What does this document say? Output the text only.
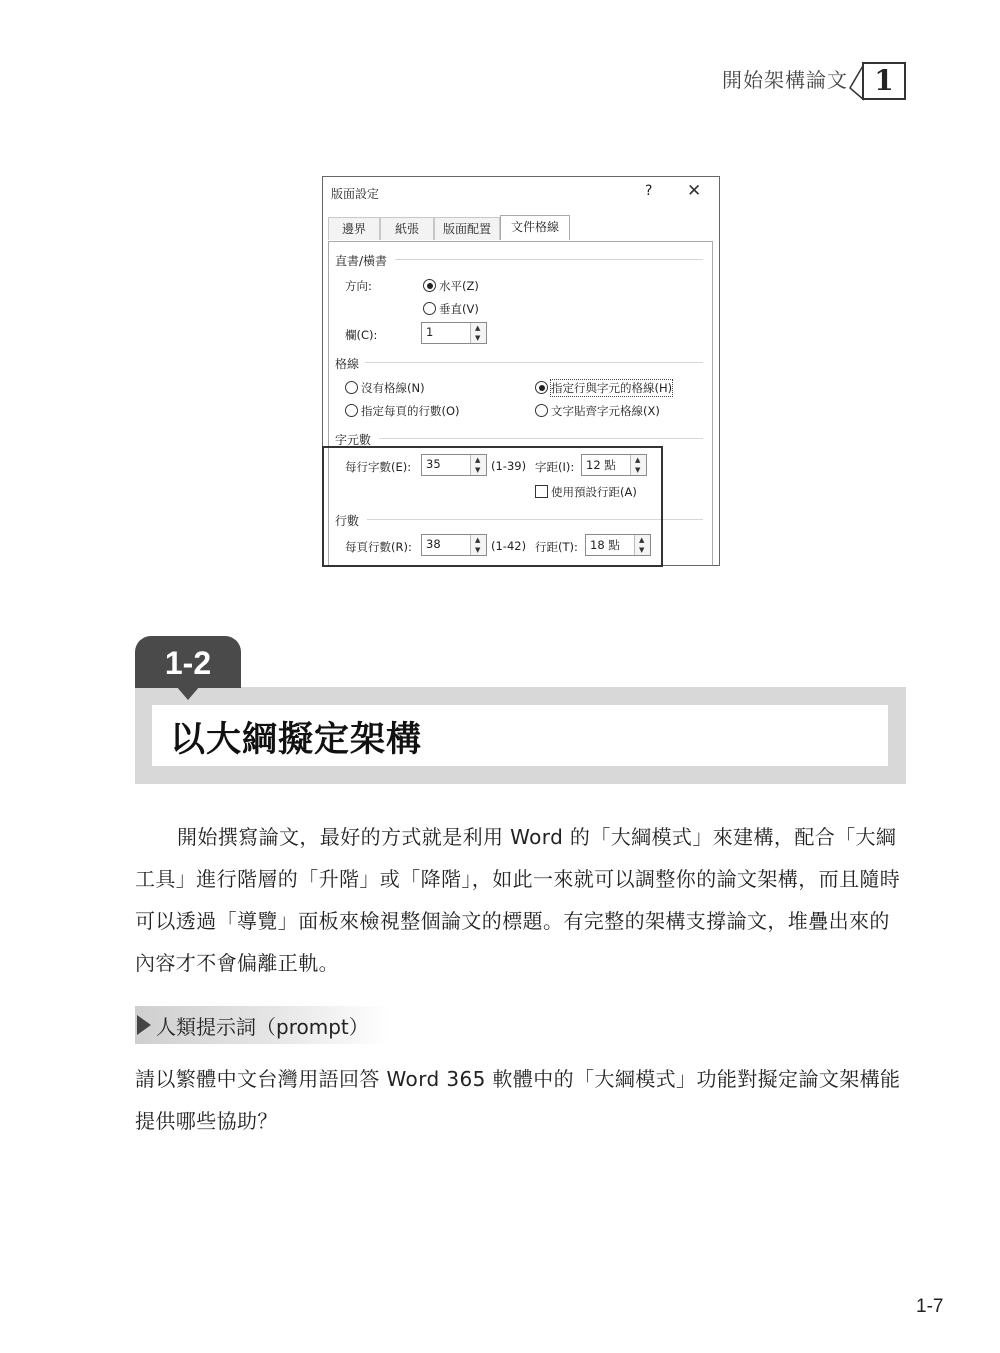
開始架構論文 1
版面設定	? ✕
邊界	紙張	版面配置	文件格線
直書/橫書
方向:	水平(Z)
垂直(V)
欄(C):	1	▲
▼
格線
沒有格線(N)
指定每頁的行數(O)
指定行與字元的格線(H)
文字貼齊字元格線(X)
字元數
每行字數(E): 35	▲
▼ (1-39) 字距(I): 12 點	▲
▼
使用預設行距(A)
行數
每頁行數(R): 38	▲
▼ (1-42) 行距(T): 18 點	▲
▼
1-2
以大綱擬定架構

開始撰寫論文，最好的方式就是利用 Word 的「大綱模式」來建構，配合「大綱工具」進行階層的「升階」或「降階」，如此一來就可以調整你的論文架構，而且隨時可以透過「導覽」面板來檢視整個論文的標題。有完整的架構支撐論文，堆疊出來的內容才不會偏離正軌。

人類提示詞（prompt）

請以繁體中文台灣用語回答 Word 365 軟體中的「大綱模式」功能對擬定論文架構能提供哪些協助？

1-7
